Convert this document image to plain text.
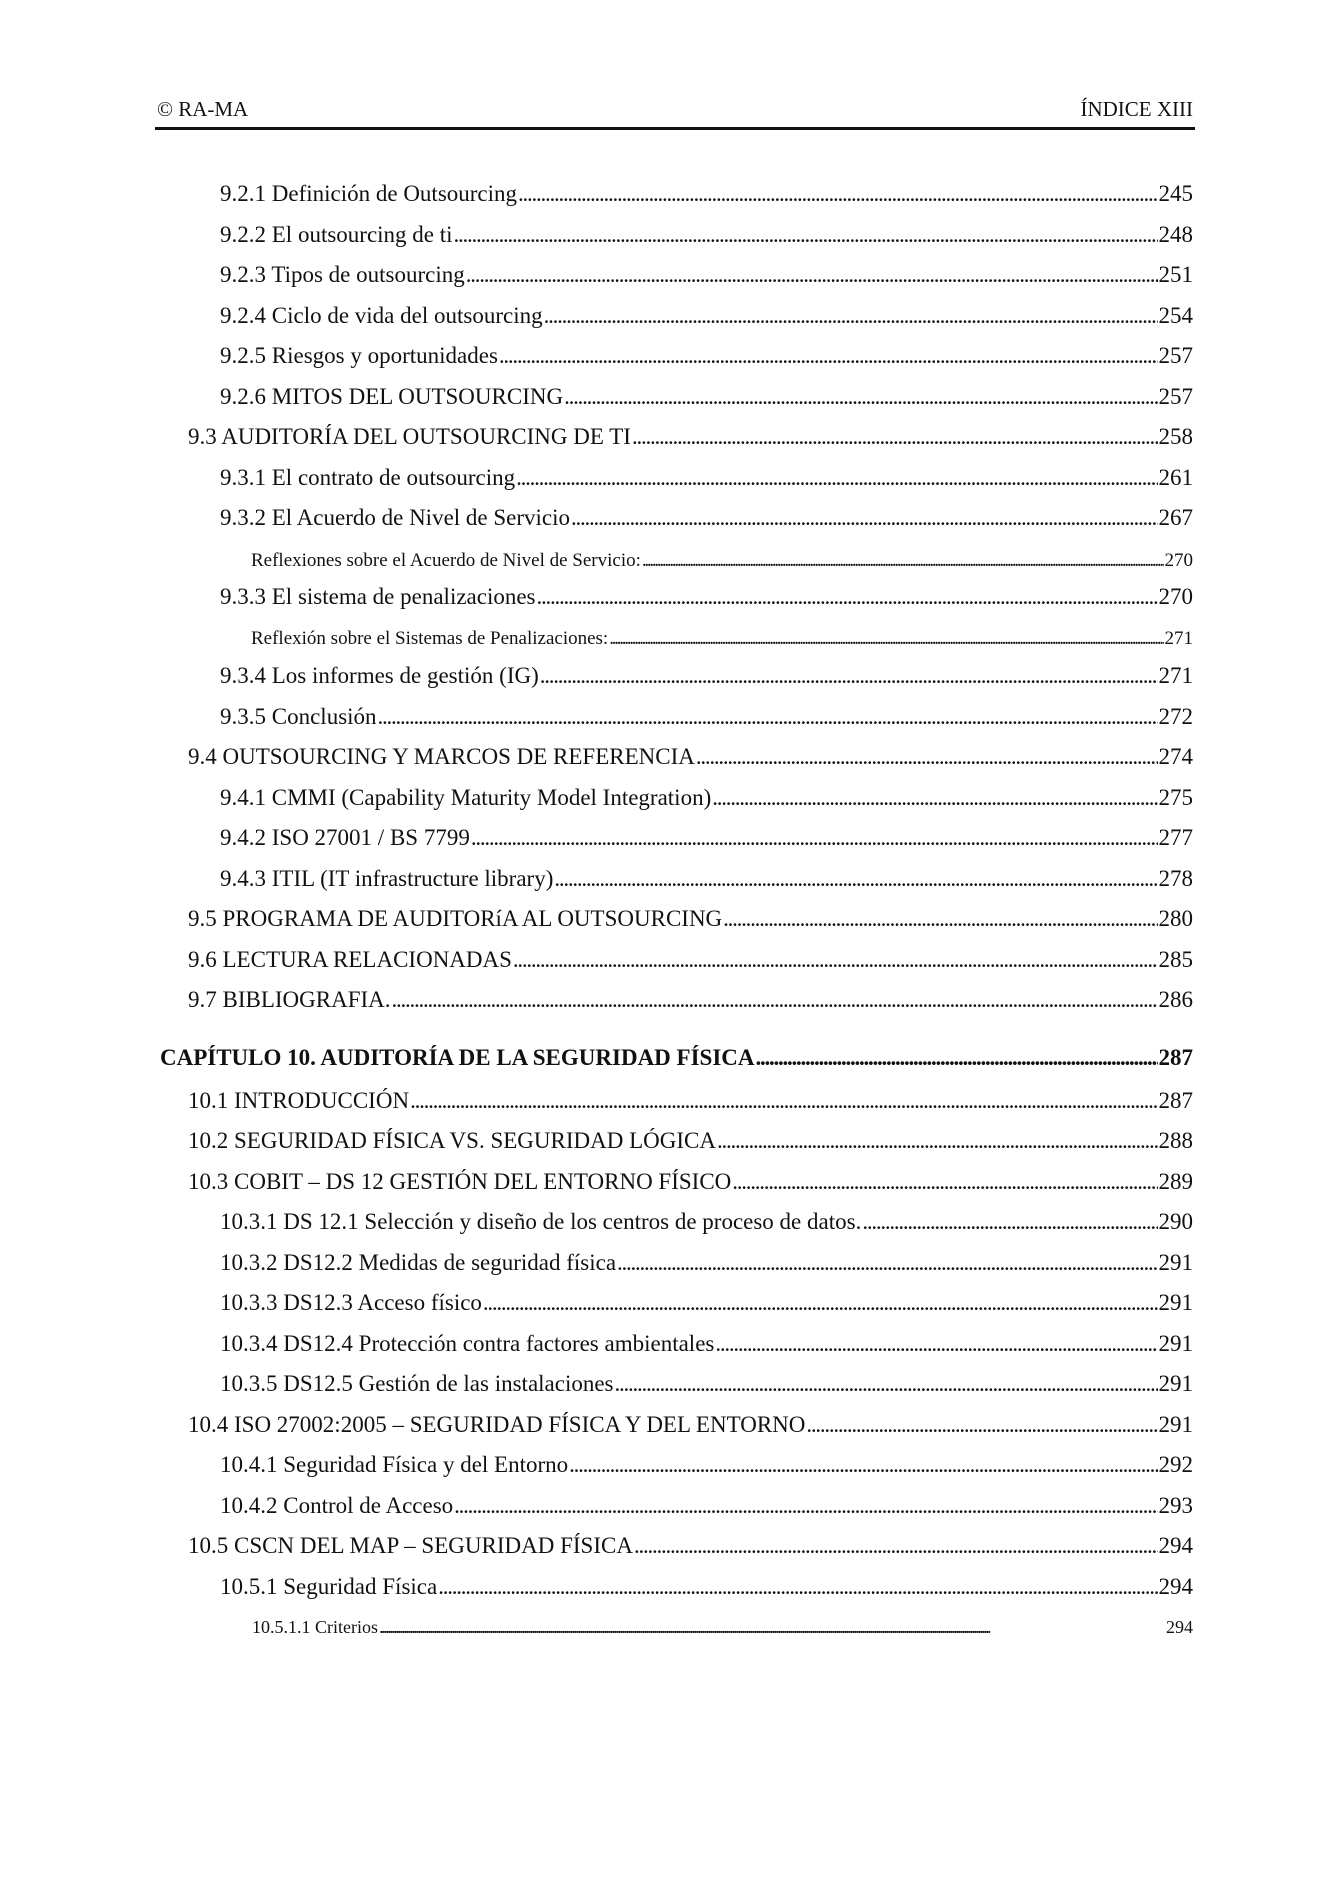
© RA-MA	ÍNDICE XIII
9.2.1 Definición de Outsourcing . . .	245
9.2.2 El outsourcing de ti . . .	248
9.2.3 Tipos de outsourcing . . .	251
9.2.4 Ciclo de vida del outsourcing . . .	254
9.2.5 Riesgos y oportunidades . . .	257
9.2.6 MITOS DEL OUTSOURCING . . .	257
9.3 AUDITORÍA DEL OUTSOURCING DE TI . . .	258
9.3.1 El contrato de outsourcing . . .	261
9.3.2 El Acuerdo de Nivel de Servicio . . .	267
Reflexiones sobre el Acuerdo de Nivel de Servicio: . . .	270
9.3.3 El sistema de penalizaciones . . .	270
Reflexión sobre el Sistemas de Penalizaciones: . . .	271
9.3.4 Los informes de gestión (IG) . . .	271
9.3.5 Conclusión . . .	272
9.4 OUTSOURCING Y MARCOS DE REFERENCIA . . .	274
9.4.1 CMMI (Capability Maturity Model Integration) . . .	275
9.4.2 ISO 27001 / BS 7799 . . .	277
9.4.3 ITIL (IT infrastructure library) . . .	278
9.5 PROGRAMA DE AUDITORíA AL OUTSOURCING . . .	280
9.6 LECTURA RELACIONADAS . . .	285
9.7 BIBLIOGRAFIA. . . .	286
CAPÍTULO 10. AUDITORÍA DE LA SEGURIDAD FÍSICA . . .	287
10.1 INTRODUCCIÓN . . .	287
10.2 SEGURIDAD FÍSICA VS. SEGURIDAD LÓGICA . . .	288
10.3 COBIT – DS 12 GESTIÓN DEL ENTORNO FÍSICO . . .	289
10.3.1 DS 12.1 Selección y diseño de los centros de proceso de datos. . . .	290
10.3.2 DS12.2 Medidas de seguridad física . . .	291
10.3.3 DS12.3 Acceso físico . . .	291
10.3.4 DS12.4 Protección contra factores ambientales . . .	291
10.3.5 DS12.5 Gestión de las instalaciones . . .	291
10.4 ISO 27002:2005 – SEGURIDAD FÍSICA Y DEL ENTORNO . . .	291
10.4.1 Seguridad Física y del Entorno . . .	292
10.4.2 Control de Acceso . . .	293
10.5 CSCN DEL MAP – SEGURIDAD FÍSICA . . .	294
10.5.1 Seguridad Física . . .	294
10.5.1.1 Criterios . . .	294
